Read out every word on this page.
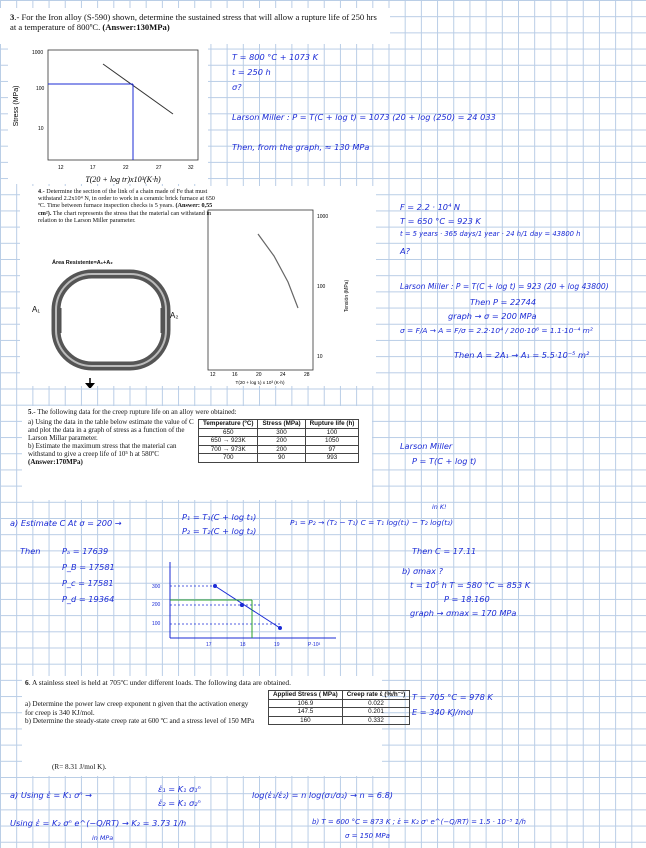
3.- For the Iron alloy (S-590) shown, determine the sustained stress that will allow a rupture life of 250 hrs at a temperature of 800ºC. (Answer:130MPa)
Stress (MPa)
1000
100
10
12	17	22	27	32
T(20 + log tr)x10³(K·h)
T = 800 °C + 1073 K
t = 250 h
σ?
Larson Miller : P = T(C + log t) = 1073 (20 + log (250) = 24 033
Then, from the graph, ≈ 130 MPa
4.- Determine the section of the link of a chain made of Fe that must withstand 2.2x10⁴ N, in order to work in a ceramic brick furnace at 650 ºC. Time between furnace inspection checks is 5 years. (Answer: 0,55 cm²). The chart represents the stress that the material can withstand in relation to the Larson Miller parameter.
Área Resistente=A₁+A₂
A₁
A₂
1000
100
10
Tensión (MPa)
12	16	20	24	28
T(20 + log tᵣ) x 10³ (K-h)
F = 2.2 · 10⁴ N
T = 650 °C = 923 K
t = 5 years · 365 days/1 year · 24 h/1 day = 43800 h
A?
Larson Miller : P = T(C + log t) = 923 (20 + log 43800)
Then P = 22744
graph → σ = 200 MPa
σ = F/A → A = F/σ = 2.2·10⁴ / 200·10⁶ = 1.1·10⁻⁴ m²
Then A = 2A₁ → A₁ = 5.5·10⁻⁵ m²
5.- The following data for the creep rupture life on an alloy were obtained:
a) Using the data in the table below estimate the value of C and plot the data in a graph of stress as a function of the Larson Millar parameter.
b) Estimate the maximum stress that the material can withstand to give a creep life of 10⁵ h at 580ºC
(Answer:170MPa)
Temperature (ºC)	Stress (MPa)	Rupture life (h)
650	300	100
650 → 923K	200	1050
700 → 973K	200	97
700	90	993
Larson Miller
P = T(C + log t)
a) Estimate C At σ = 200 →
P₁ = T₁(C + log t₁)
P₂ = T₂(C + log t₂)
P₁ = P₂ → (T₂ − T₁) C = T₁ log(t₁) − T₂ log(t₂)
in K!
Then C = 17.11
Then	Pₐ = 17639
P_B = 17581
P_c = 17581
P_d = 19364
300
200
100
17	18	19	P·10³
b) σmax ?
t = 10⁵ h T = 580 °C = 853 K
P = 18.160
graph → σmax = 170 MPa
6. A stainless steel is held at 705ºC under different loads. The following data are obtained.
a) Determine the power law creep exponent n given that the activation energy for creep is 340 KJ/mol.
b) Determine the steady-state creep rate at 600 ºC and a stress level of 150 MPa
(R= 8.31 J/mol K).
Applied Stress ( MPa)	Creep rate ἑ (%/h⁻¹)
106.9	0.022
147.5	0.201
160	0.332
T = 705 °C = 978 K
E = 340 KJ/mol
a) Using ἑ = K₁ σⁿ →
ἑ₁ = K₁ σ₁ⁿ
ἑ₂ = K₁ σ₂ⁿ
log(ἑ₁/ἑ₂) = n log(σ₁/σ₂) → n = 6.8)
Using ἑ = K₂ σⁿ e^(−Q/RT) → K₂ = 3.73 1/h
in MPa
b) T = 600 °C = 873 K ; ἑ = K₂ σⁿ e^(−Q/RT) = 1.5 · 10⁻⁵ 1/h
σ = 150 MPa
